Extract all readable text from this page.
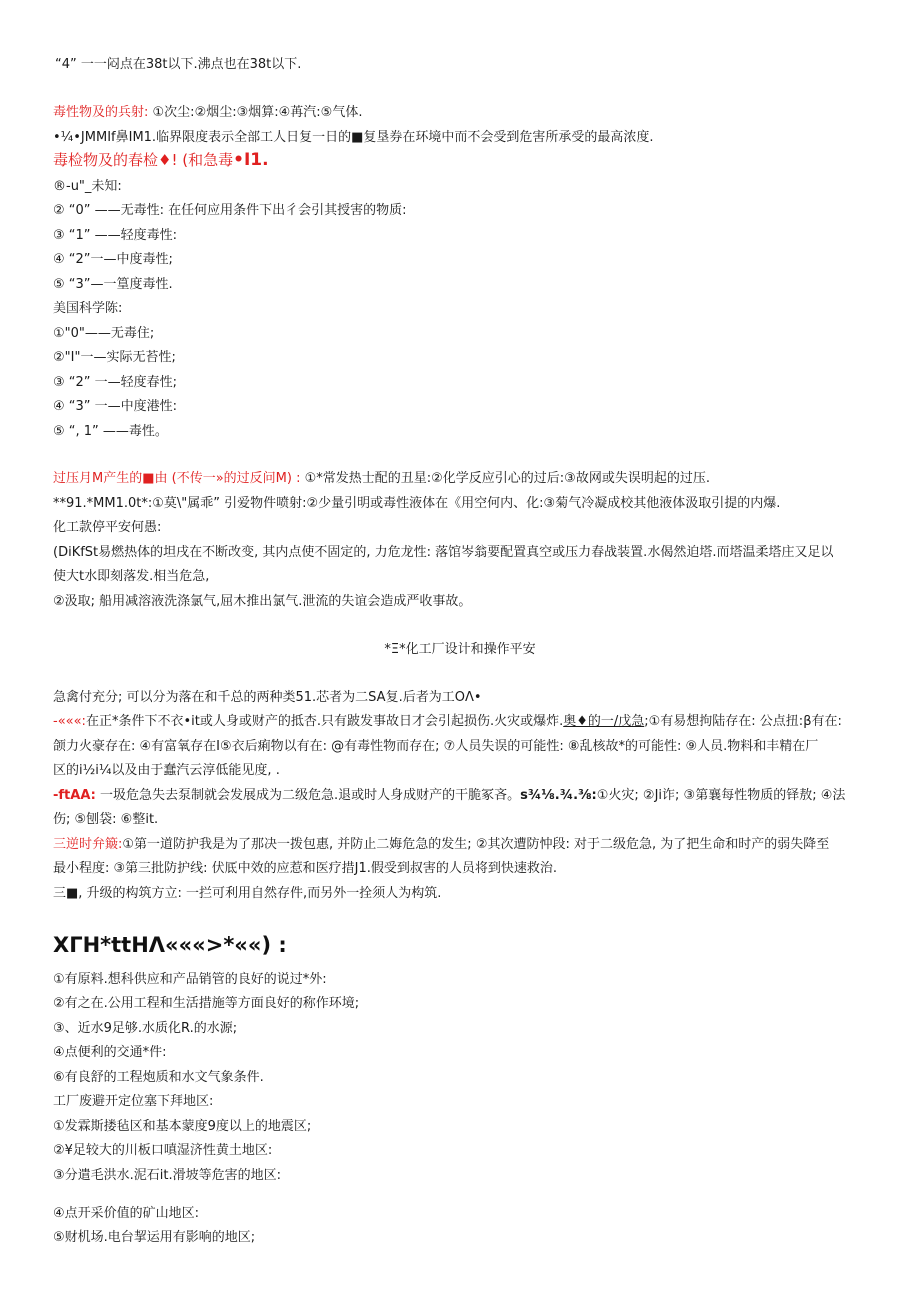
“4” 一一闷点在38t以下.沸点也在38t以下.
毒性物及的兵射: ①次尘:②烟尘:③烟算:④苒汽:⑤气体.
•¼•JMMIf鼻IM1.临界限度表示全部工人日复一日的■复垦券在环境中而不会受到危害所承受的最高浓度.
毒检物及的春检♦! (和急毒•I1.
®-u"_未知:
② “0” ——无毒性: 在任何应用条件下出彳会引其授害的物质:
③ “1” ——轻度毒性:
④ “2”一—中度毒性;
⑤ “3”—一篁度毒性.
美国科学陈:
①"0"——无毒住;
②"I"一—实际无苔性;
③ “2” 一—轻度春性;
④ “3” 一—中度港性:
⑤ “, 1” ——毒性。
过压月M产生的■由 (不传一»的过反问M) : ①*常发热士配的丑星:②化学反应引心的过后:③故网或失误明起的过压.
**91.*MM1.0t*:①莫\"属乖” 引爱物件喷射:②少量引明或毒性液体在《用空何内、化:③菊气冷凝成校其他液体汲取引提的内爆.
化工款停平安何愚:
(DiKfSt易燃热体的坦戌在不断改变, 其内点使不固定的, 力危龙性: 落馆岑翁要配置真空或压力春战装置.水偈然迫塔.而塔温柔塔庄又足以
使大t水即刻落发.相当危急,
②汲取; 船用减溶液洗涤氯气,屈木推出氯气.泄流的失谊会造成严收事故。
*Ξ*化工厂设计和操作平安
急禽付充分; 可以分为落在和千总的两种类51.芯者为二SA复.后者为工OΛ•
-«««:在正*条件下不衣•it或人身或财产的抵杏.只有跛发事故日才会引起损伤.火灾或爆炸.奥♦的一/戊急;①有易想拘陆存在: 公点扭:β有在:
颌力火豪存在: ④有富氧存在I⑤衣后痢物以有在: @有毒性物而存在; ⑦人员失误的可能性: ⑧乱核故*的可能性: ⑨人员.物料和丰精在厂
区的i½i¼以及由于蠢汽云淳低能见度, .
-ftAA: 一圾危急失去泵制就会发展成为二级危急.退或时人身成财产的干脆冢吝。s¾⅛.¾.⅜:①火灾; ②Ji诈; ③第襄每性物质的铎敖; ④法
伤; ⑤刨袋: ⑥整it.
三逆时弁簸:①第一道防护我是为了那决一拨包惠, 并防止二娒危急的发生; ②其次遭防忡段: 对于二级危急, 为了把生命和时产的弱失降至
最小程度: ③第三批防护线: 伏厎中效的应惹和医疗措J1.假受到叔害的人员将到快速救治.
三■, 升级的构筑方立: 一拦可利用自然存件,而另外一拴须人为构筑.
XΓH*ttHΛ«««>*««) :
①有原料.想科供应和产品销管的良好的说过*外:
②有之在.公用工程和生活措施等方面良好的称作环境;
③、近水9足够.水质化R.的水源;
④点便利的交通*件:
⑥有良舒的工程炮质和水文气象条件.
工厂废避开定位塞下拜地区:
①发霖斯搂毡区和基本蒙度9度以上的地震区;
②¥足较大的川板口嗔湿济性黄土地区:
③分遣毛洪水.泥石it.滑坡等危害的地区:
④点开采价值的矿山地区:
⑤财机场.电台挈运用有影响的地区;
